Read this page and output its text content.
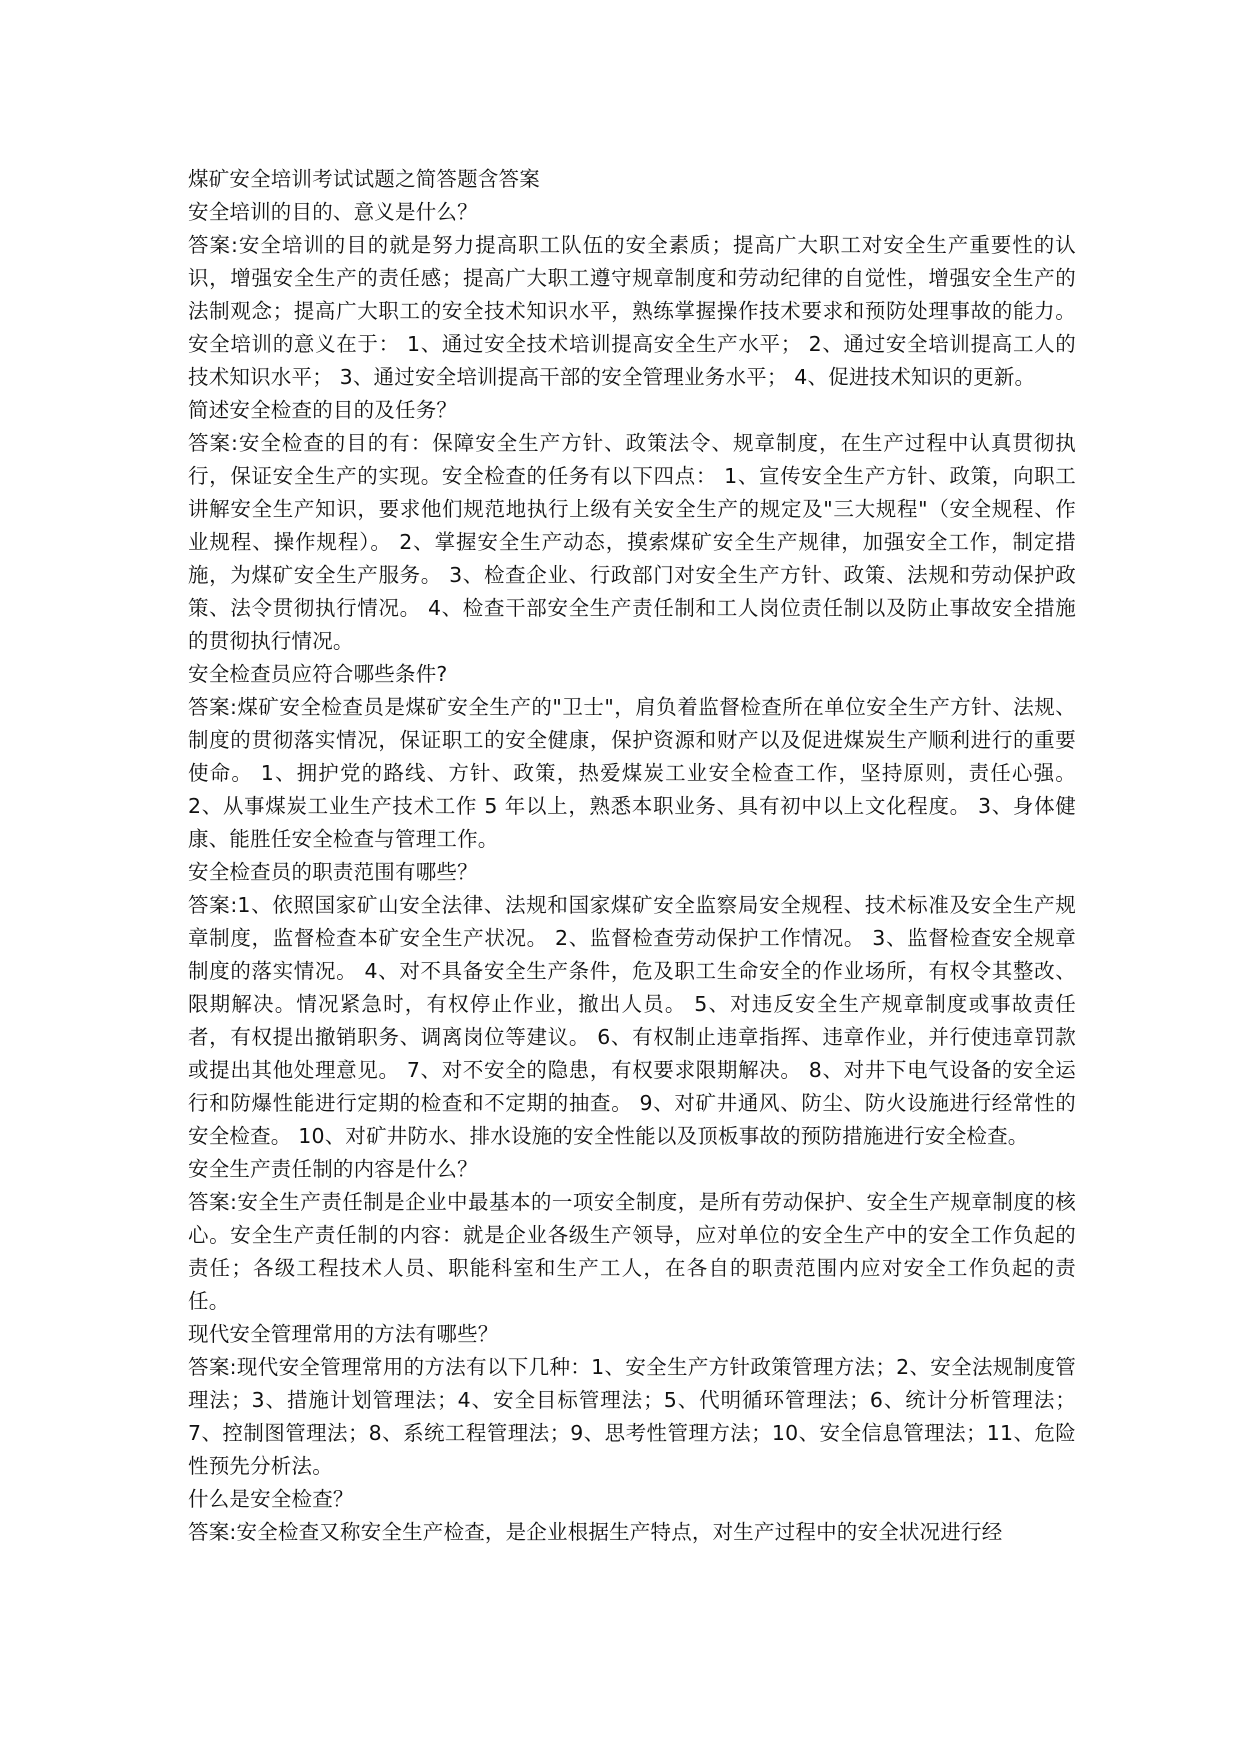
煤矿安全培训考试试题之简答题含答案

安全培训的目的、意义是什么？

答案:安全培训的目的就是努力提高职工队伍的安全素质；提高广大职工对安全生产重要性的认识，增强安全生产的责任感；提高广大职工遵守规章制度和劳动纪律的自觉性，增强安全生产的法制观念；提高广大职工的安全技术知识水平，熟练掌握操作技术要求和预防处理事故的能力。安全培训的意义在于： 1、通过安全技术培训提高安全生产水平； 2、通过安全培训提高工人的技术知识水平； 3、通过安全培训提高干部的安全管理业务水平； 4、促进技术知识的更新。

简述安全检查的目的及任务？

答案:安全检查的目的有：保障安全生产方针、政策法令、规章制度，在生产过程中认真贯彻执行，保证安全生产的实现。安全检查的任务有以下四点： 1、宣传安全生产方针、政策，向职工讲解安全生产知识，要求他们规范地执行上级有关安全生产的规定及"三大规程"（安全规程、作业规程、操作规程）。 2、掌握安全生产动态，摸索煤矿安全生产规律，加强安全工作，制定措施，为煤矿安全生产服务。 3、检查企业、行政部门对安全生产方针、政策、法规和劳动保护政策、法令贯彻执行情况。 4、检查干部安全生产责任制和工人岗位责任制以及防止事故安全措施的贯彻执行情况。

安全检查员应符合哪些条件?

答案:煤矿安全检查员是煤矿安全生产的"卫士"，肩负着监督检查所在单位安全生产方针、法规、制度的贯彻落实情况，保证职工的安全健康，保护资源和财产以及促进煤炭生产顺利进行的重要使命。 1、拥护党的路线、方针、政策，热爱煤炭工业安全检查工作，坚持原则，责任心强。 2、从事煤炭工业生产技术工作 5 年以上，熟悉本职业务、具有初中以上文化程度。 3、身体健康、能胜任安全检查与管理工作。

安全检查员的职责范围有哪些？

答案:1、依照国家矿山安全法律、法规和国家煤矿安全监察局安全规程、技术标准及安全生产规章制度，监督检查本矿安全生产状况。 2、监督检查劳动保护工作情况。 3、监督检查安全规章制度的落实情况。 4、对不具备安全生产条件，危及职工生命安全的作业场所，有权令其整改、限期解决。情况紧急时，有权停止作业，撤出人员。 5、对违反安全生产规章制度或事故责任者，有权提出撤销职务、调离岗位等建议。 6、有权制止违章指挥、违章作业，并行使违章罚款或提出其他处理意见。 7、对不安全的隐患，有权要求限期解决。 8、对井下电气设备的安全运行和防爆性能进行定期的检查和不定期的抽查。 9、对矿井通风、防尘、防火设施进行经常性的安全检查。 10、对矿井防水、排水设施的安全性能以及顶板事故的预防措施进行安全检查。

安全生产责任制的内容是什么？

答案:安全生产责任制是企业中最基本的一项安全制度，是所有劳动保护、安全生产规章制度的核心。安全生产责任制的内容：就是企业各级生产领导，应对单位的安全生产中的安全工作负起的责任；各级工程技术人员、职能科室和生产工人，在各自的职责范围内应对安全工作负起的责任。

现代安全管理常用的方法有哪些？

答案:现代安全管理常用的方法有以下几种：1、安全生产方针政策管理方法；2、安全法规制度管理法；3、措施计划管理法；4、安全目标管理法；5、代明循环管理法；6、统计分析管理法；7、控制图管理法；8、系统工程管理法；9、思考性管理方法；10、安全信息管理法；11、危险性预先分析法。

什么是安全检查？

答案:安全检查又称安全生产检查，是企业根据生产特点，对生产过程中的安全状况进行经
